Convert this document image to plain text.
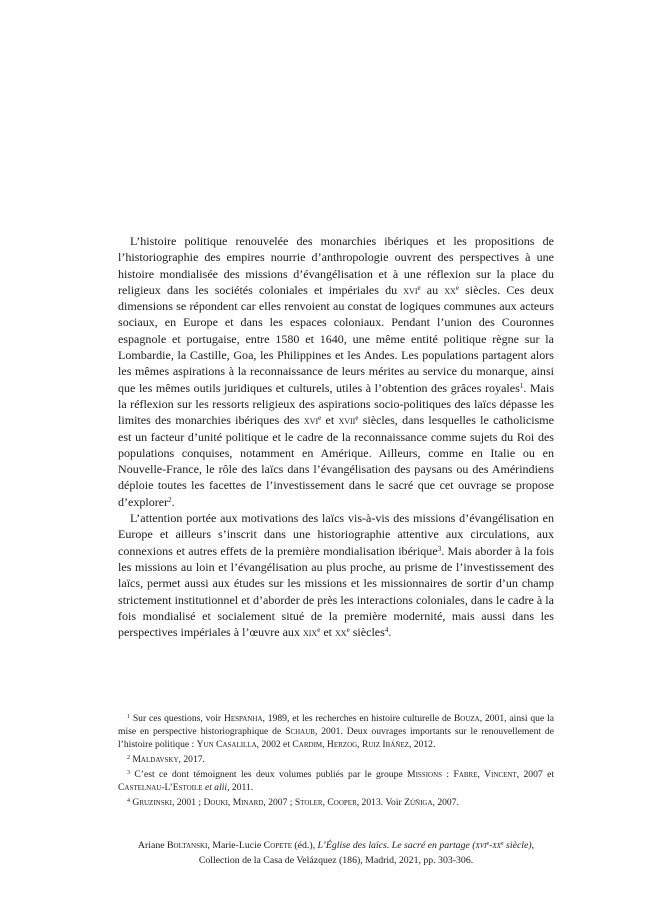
L’histoire politique renouvelée des monarchies ibériques et les propositions de l’historiographie des empires nourrie d’anthropologie ouvrent des perspectives à une histoire mondialisée des missions d’évangélisation et à une réflexion sur la place du religieux dans les sociétés coloniales et impériales du xvi$^e$ au $xx^e$ siècles. Ces deux dimensions se répondent car elles renvoient au constat de logiques communes aux acteurs sociaux, en Europe et dans les espaces coloniaux. Pendant l’union des Couronnes espagnole et portugaise, entre 1580 et 1640, une même entité politique règne sur la Lombardie, la Castille, Goa, les Philippines et les Andes. Les populations partagent alors les mêmes aspirations à la reconnaissance de leurs mérites au service du monarque, ainsi que les mêmes outils juridiques et culturels, utiles à l’obtention des grâces royales$^1$. Mais la réflexion sur les ressorts religieux des aspirations socio-politiques des laïcs dépasse les limites des monarchies ibériques des xvi$^e$ et xvii$^e$ siècles, dans lesquelles le catholicisme est un facteur d’unité politique et le cadre de la reconnaissance comme sujets du Roi des populations conquises, notamment en Amérique. Ailleurs, comme en Italie ou en Nouvelle-France, le rôle des laïcs dans l’évangélisation des paysans ou des Amérindiens déploie toutes les facettes de l’investissement dans le sacré que cet ouvrage se propose d’explorer$^2$.

L’attention portée aux motivations des laïcs vis-à-vis des missions d’évangélisation en Europe et ailleurs s’inscrit dans une historiographie attentive aux circulations, aux connexions et autres effets de la première mondialisation ibérique$^3$. Mais aborder à la fois les missions au loin et l’évangélisation au plus proche, au prisme de l’investissement des laïcs, permet aussi aux études sur les missions et les missionnaires de sortir d’un champ strictement institutionnel et d’aborder de près les interactions coloniales, dans le cadre à la fois mondialisé et socialement situé de la première modernité, mais aussi dans les perspectives impériales à l’œuvre aux xix$^e$ et $xx^e$ siècles$^4$.

$^1$ Sur ces questions, voir Hespanha, 1989, et les recherches en histoire culturelle de Bouza, 2001, ainsi que la mise en perspective historiographique de Schaub, 2001. Deux ouvrages importants sur le renouvellement de l’histoire politique : Yun Casalilla, 2002 et Cardim, Herzog, Ruiz Ibáñez, 2012.

$^2$ Maldavsky, 2017.

$^3$ C’est ce dont témoignent les deux volumes publiés par le groupe Missions : Fabre, Vincent, 2007 et Castelnau-L’Estoile et alii, 2011.

$^4$ Gruzinski, 2001 ; Douki, Minard, 2007 ; Stoler, Cooper, 2013. Voir Zúñiga, 2007.

Ariane Boltanski, Marie-Lucie Copete (éd.), L’Église des laïcs. Le sacré en partage ($xvi^e-xx^e$ siècle),
Collection de la Casa de Velázquez (186), Madrid, 2021, pp. 303-306.
